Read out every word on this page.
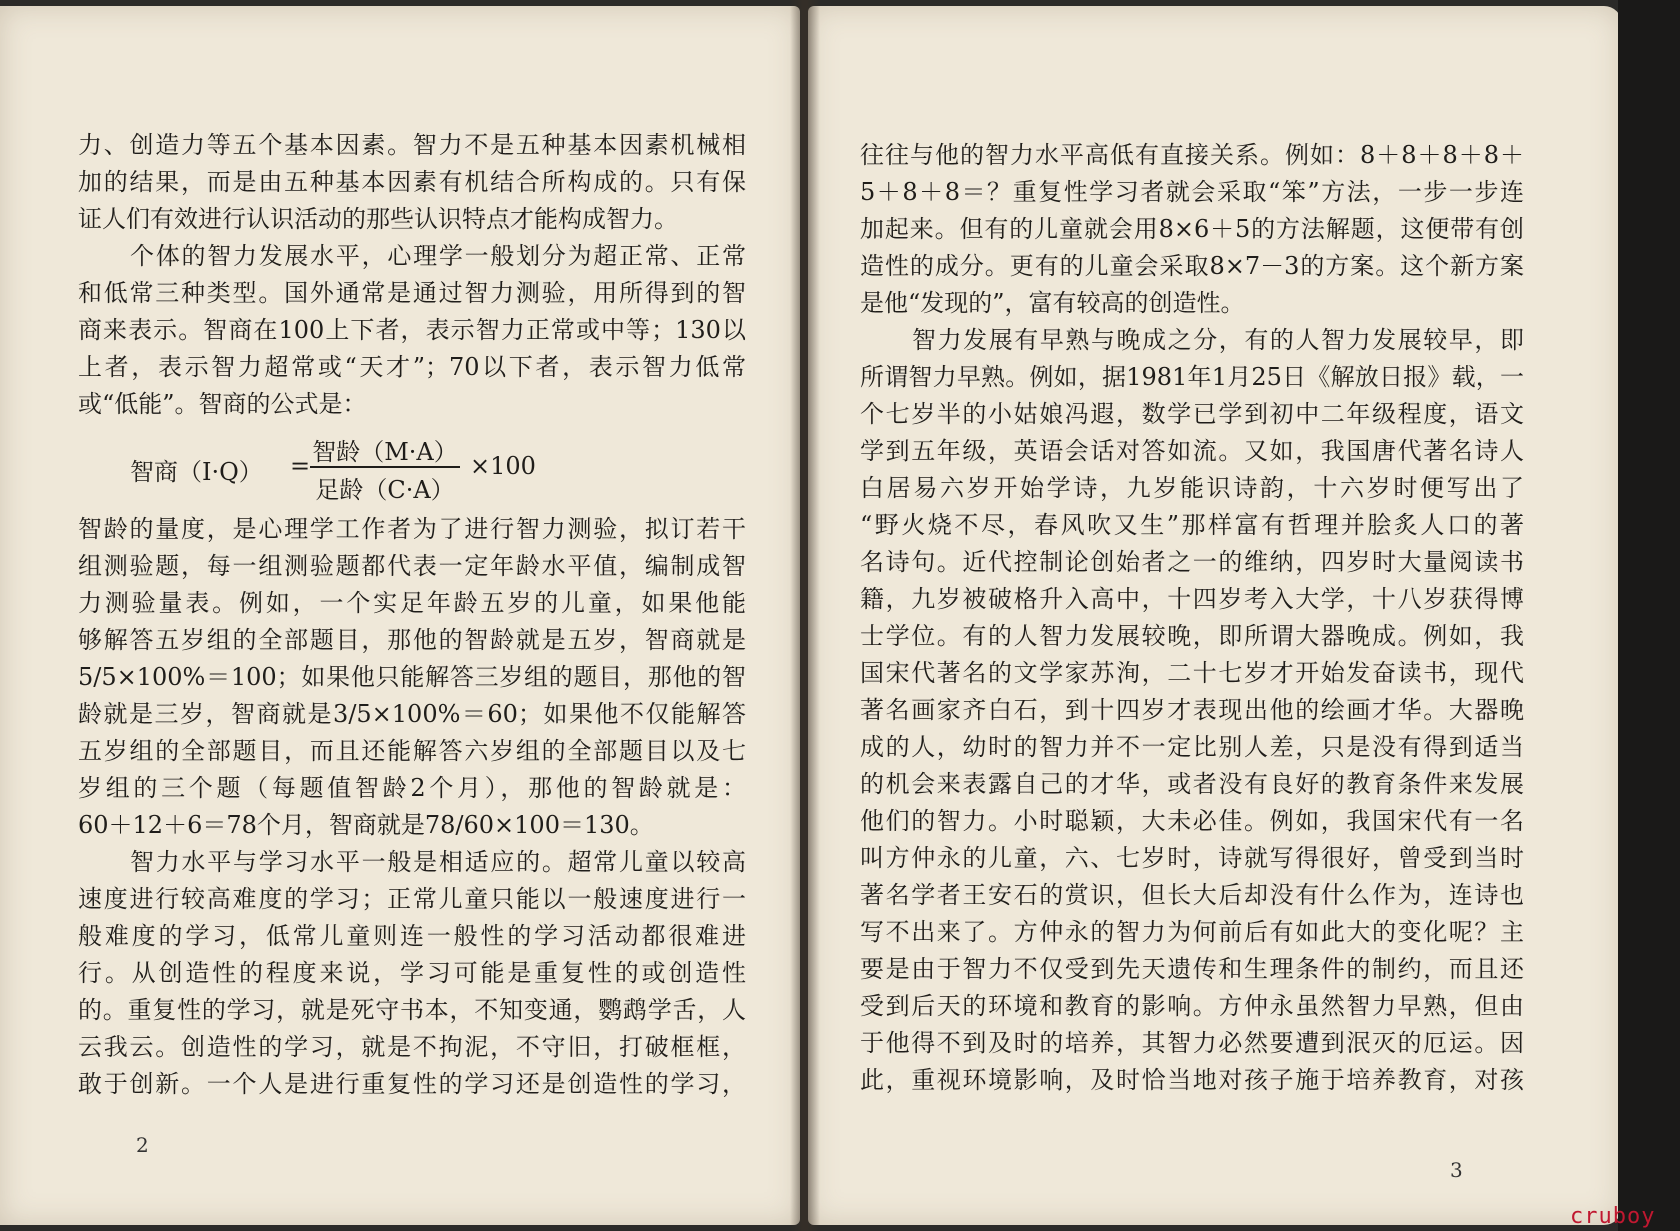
力、创造力等五个基本因素。智力不是五种基本因素机械相
加的结果，而是由五种基本因素有机结合所构成的。只有保
证人们有效进行认识活动的那些认识特点才能构成智力。
个体的智力发展水平，心理学一般划分为超正常、正常
和低常三种类型。国外通常是通过智力测验，用所得到的智
商来表示。智商在100上下者，表示智力正常或中等；130以
上者，表示智力超常或“天才”；70以下者，表示智力低常
或“低能”。智商的公式是：
智龄的量度，是心理学工作者为了进行智力测验，拟订若干
组测验题，每一组测验题都代表一定年龄水平值，编制成智
力测验量表。例如，一个实足年龄五岁的儿童，如果他能
够解答五岁组的全部题目，那他的智龄就是五岁，智商就是
5/5×100%＝100；如果他只能解答三岁组的题目，那他的智
龄就是三岁，智商就是3/5×100%＝60；如果他不仅能解答
五岁组的全部题目，而且还能解答六岁组的全部题目以及七
岁组的三个题（每题值智龄2个月），那他的智龄就是：
60＋12＋6＝78个月，智商就是78/60×100＝130。
智力水平与学习水平一般是相适应的。超常儿童以较高
速度进行较高难度的学习；正常儿童只能以一般速度进行一
般难度的学习，低常儿童则连一般性的学习活动都很难进
行。从创造性的程度来说，学习可能是重复性的或创造性
的。重复性的学习，就是死守书本，不知变通，鹦鹉学舌，人
云我云。创造性的学习，就是不拘泥，不守旧，打破框框，
敢于创新。一个人是进行重复性的学习还是创造性的学习，
智商（I·Q） = 智龄（M·A）
足龄（C·A）
×100
2
往往与他的智力水平高低有直接关系。例如：8＋8＋8＋8＋
5＋8＋8＝？重复性学习者就会采取“笨”方法，一步一步连
加起来。但有的儿童就会用8×6＋5的方法解题，这便带有创
造性的成分。更有的儿童会采取8×7－3的方案。这个新方案
是他“发现的”，富有较高的创造性。
智力发展有早熟与晚成之分，有的人智力发展较早，即
所谓智力早熟。例如，据1981年1月25日《解放日报》载，一
个七岁半的小姑娘冯遐，数学已学到初中二年级程度，语文
学到五年级，英语会话对答如流。又如，我国唐代著名诗人
白居易六岁开始学诗，九岁能识诗韵，十六岁时便写出了
“野火烧不尽，春风吹又生”那样富有哲理并脍炙人口的著
名诗句。近代控制论创始者之一的维纳，四岁时大量阅读书
籍，九岁被破格升入高中，十四岁考入大学，十八岁获得博
士学位。有的人智力发展较晚，即所谓大器晚成。例如，我
国宋代著名的文学家苏洵，二十七岁才开始发奋读书，现代
著名画家齐白石，到十四岁才表现出他的绘画才华。大器晚
成的人，幼时的智力并不一定比别人差，只是没有得到适当
的机会来表露自己的才华，或者没有良好的教育条件来发展
他们的智力。小时聪颖，大未必佳。例如，我国宋代有一名
叫方仲永的儿童，六、七岁时，诗就写得很好，曾受到当时
著名学者王安石的赏识，但长大后却没有什么作为，连诗也
写不出来了。方仲永的智力为何前后有如此大的变化呢？主
要是由于智力不仅受到先天遗传和生理条件的制约，而且还
受到后天的环境和教育的影响。方仲永虽然智力早熟，但由
于他得不到及时的培养，其智力必然要遭到泯灭的厄运。因
此，重视环境影响，及时恰当地对孩子施于培养教育，对孩
3
cruboy
